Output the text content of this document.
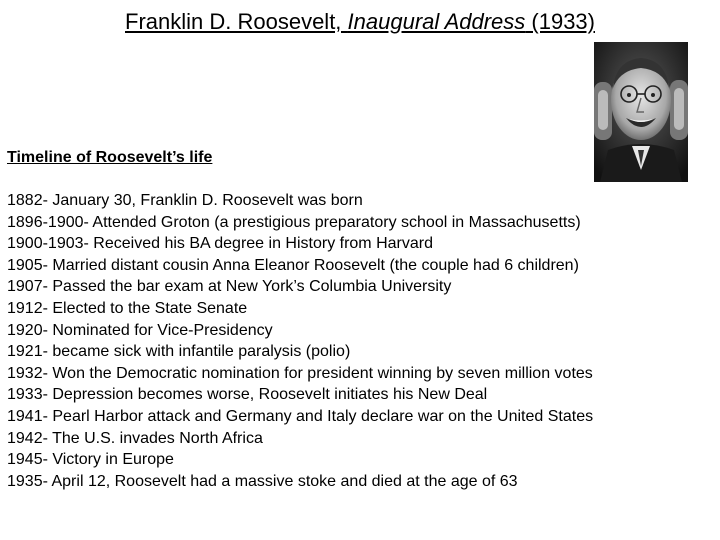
Franklin D. Roosevelt, Inaugural Address (1933)
Timeline of Roosevelt’s life
1882- January 30, Franklin D. Roosevelt was born
1896-1900- Attended Groton (a prestigious preparatory school in Massachusetts)
1900-1903- Received his BA degree in History from Harvard
1905- Married distant cousin Anna Eleanor Roosevelt (the couple had 6 children)
1907- Passed the bar exam at New York’s Columbia University
1912- Elected to the State Senate
1920- Nominated for Vice-Presidency
1921- became sick with infantile paralysis (polio)
1932- Won the Democratic nomination for president winning by seven million votes
1933- Depression becomes worse, Roosevelt initiates his New Deal
1941- Pearl Harbor attack and Germany and Italy declare war on the United States
1942- The U.S. invades North Africa
1945- Victory in Europe
1935- April 12, Roosevelt had a massive stoke and died at the age of 63
